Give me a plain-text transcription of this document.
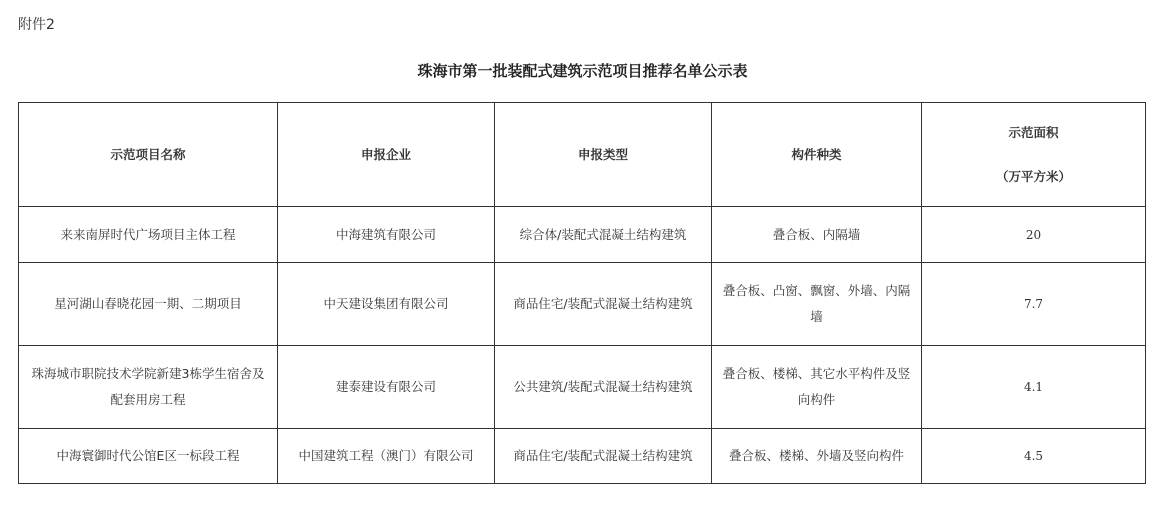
附件2
珠海市第一批装配式建筑示范项目推荐名单公示表
示范项目名称	申报企业	申报类型	构件种类	示范面积
（万平方米）

来来南屏时代广场项目主体工程	中海建筑有限公司	综合体/装配式混凝土结构建筑	叠合板、内隔墙	20
星河湖山春晓花园一期、二期项目	中天建设集团有限公司	商品住宅/装配式混凝土结构建筑	叠合板、凸窗、飘窗、外墙、内隔墙	7.7
珠海城市职院技术学院新建3栋学生宿舍及配套用房工程	建泰建设有限公司	公共建筑/装配式混凝土结构建筑	叠合板、楼梯、其它水平构件及竖向构件	4.1
中海寰御时代公馆E区一标段工程	中国建筑工程（澳门）有限公司	商品住宅/装配式混凝土结构建筑	叠合板、楼梯、外墙及竖向构件	4.5
